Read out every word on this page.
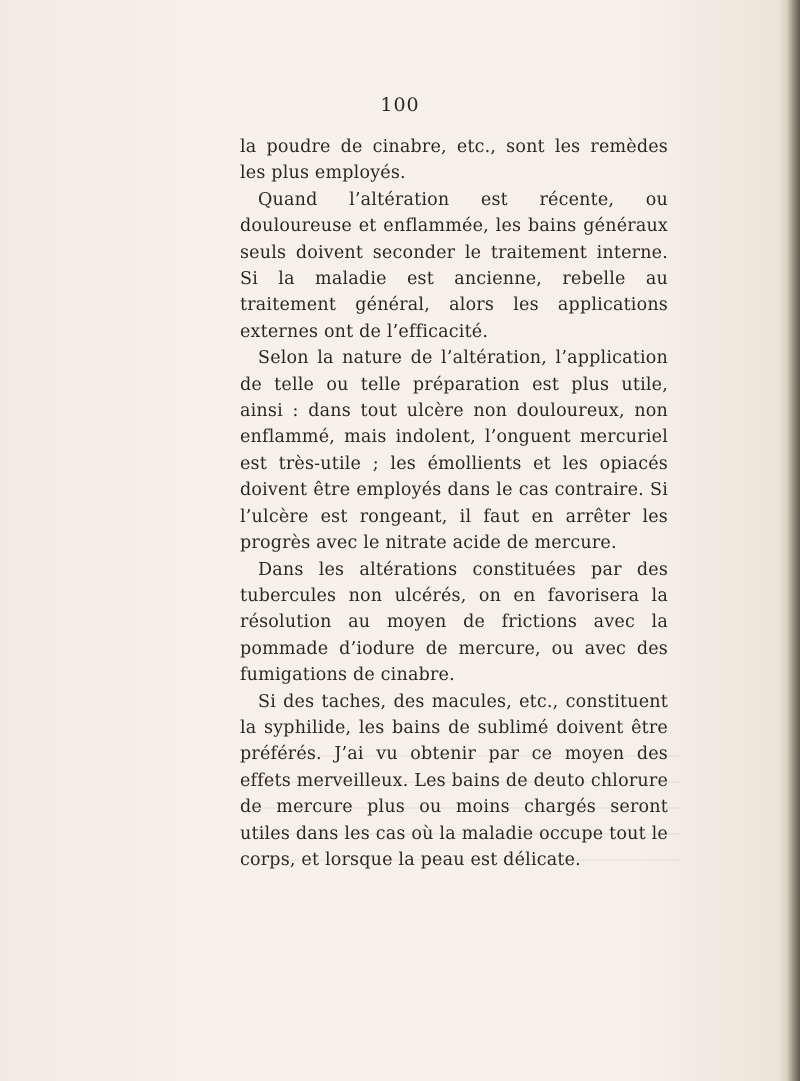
100

la poudre de cinabre, etc., sont les remèdes les plus employés.

Quand l’altération est récente, ou douloureuse et enflammée, les bains généraux seuls doivent seconder le traitement interne. Si la maladie est ancienne, rebelle au traitement général, alors les applications externes ont de l’efficacité.

Selon la nature de l’altération, l’application de telle ou telle préparation est plus utile, ainsi : dans tout ulcère non douloureux, non enflammé, mais indolent, l’onguent mercuriel est très-utile ; les émollients et les opiacés doivent être employés dans le cas contraire. Si l’ulcère est rongeant, il faut en arrêter les progrès avec le nitrate acide de mercure.

Dans les altérations constituées par des tubercules non ulcérés, on en favorisera la résolution au moyen de frictions avec la pommade d’iodure de mercure, ou avec des fumigations de cinabre.

Si des taches, des macules, etc., constituent la syphilide, les bains de sublimé doivent être préférés. J’ai vu obtenir par ce moyen des effets merveilleux. Les bains de deuto chlorure de mercure plus ou moins chargés seront utiles dans les cas où la maladie occupe tout le corps, et lorsque la peau est délicate.
